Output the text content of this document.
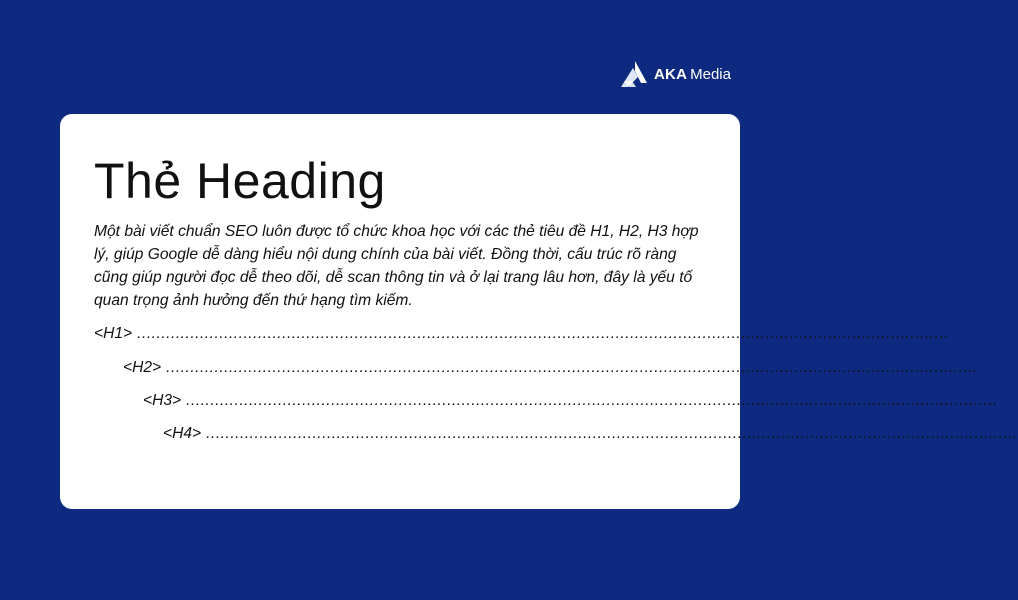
AKA Media
Thẻ Heading

Một bài viết chuẩn SEO luôn được tổ chức khoa học với các thẻ tiêu đề H1, H2, H3 hợp lý, giúp Google dễ dàng hiểu nội dung chính của bài viết. Đồng thời, cấu trúc rõ ràng cũng giúp người đọc dễ theo dõi, dễ scan thông tin và ở lại trang lâu hơn, đây là yếu tố quan trọng ảnh hưởng đến thứ hạng tìm kiếm.

<H1> ........................................................................................................................................................................
<H2> ........................................................................................................................................................................
<H3> ........................................................................................................................................................................
<H4> ........................................................................................................................................................................
